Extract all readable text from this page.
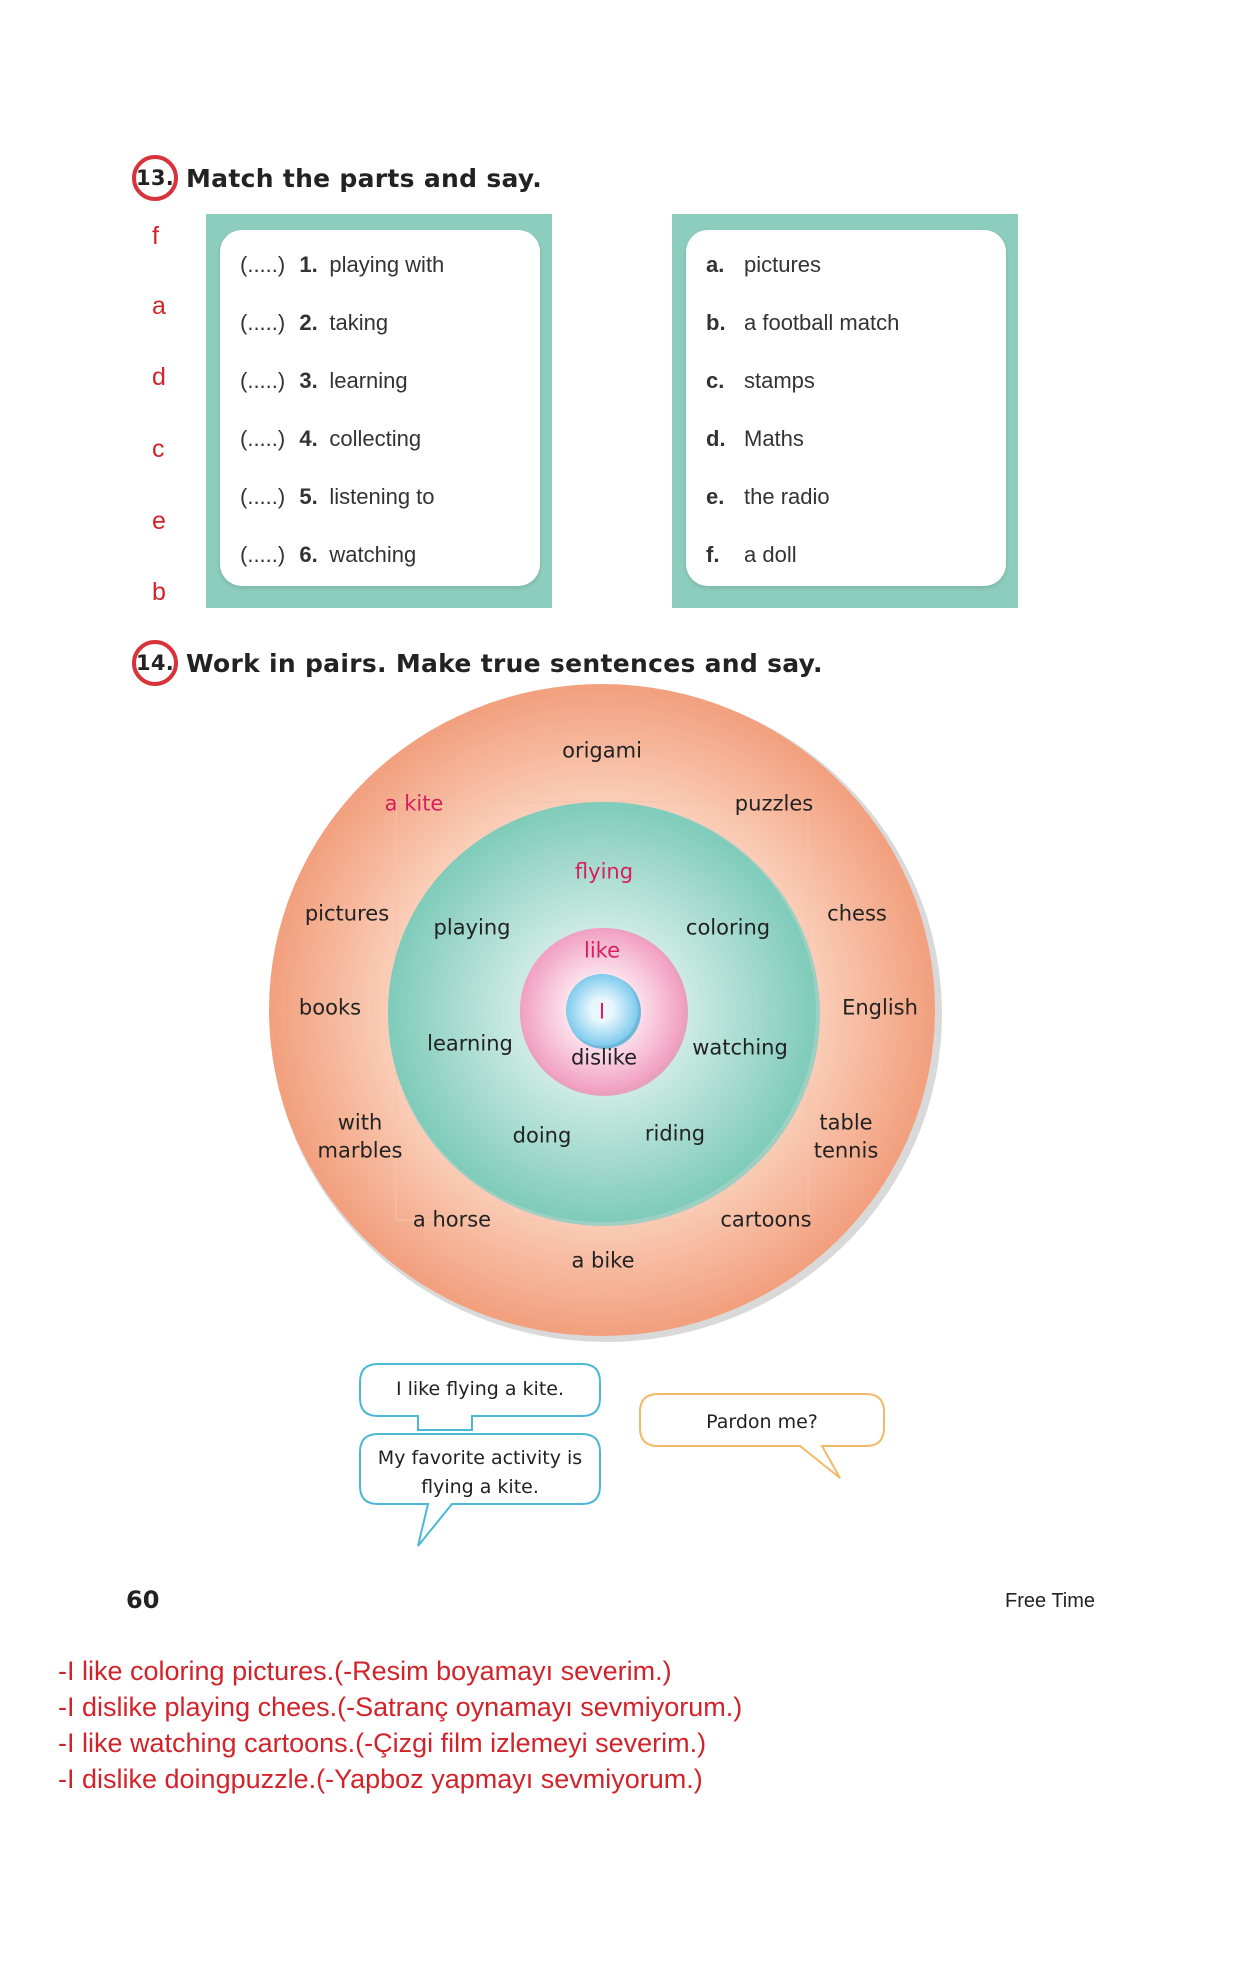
13. Match the parts and say.
f
a
d
c
e
b
(.....) 1. playing with
(.....) 2. taking
(.....) 3. learning
(.....) 4. collecting
(.....) 5. listening to
(.....) 6. watching
a. pictures
b. a football match
c. stamps
d. Maths
e. the radio
f. a doll
14. Work in pairs. Make true sentences and say.
I
like
dislike
flying
playing	coloring
learning	watching
doing	riding
origami
a kite	puzzles
pictures	chess
books	English
with
marbles
table
tennis
a horse	cartoons
a bike
I like flying a kite.
My favorite activity is
flying a kite.
Pardon me?
60	Free Time
-I like coloring pictures.(-Resim boyamayı severim.)
-I dislike playing chees.(-Satranç oynamayı sevmiyorum.)
-I like watching cartoons.(-Çizgi film izlemeyi severim.)
-I dislike doingpuzzle.(-Yapboz yapmayı sevmiyorum.)
